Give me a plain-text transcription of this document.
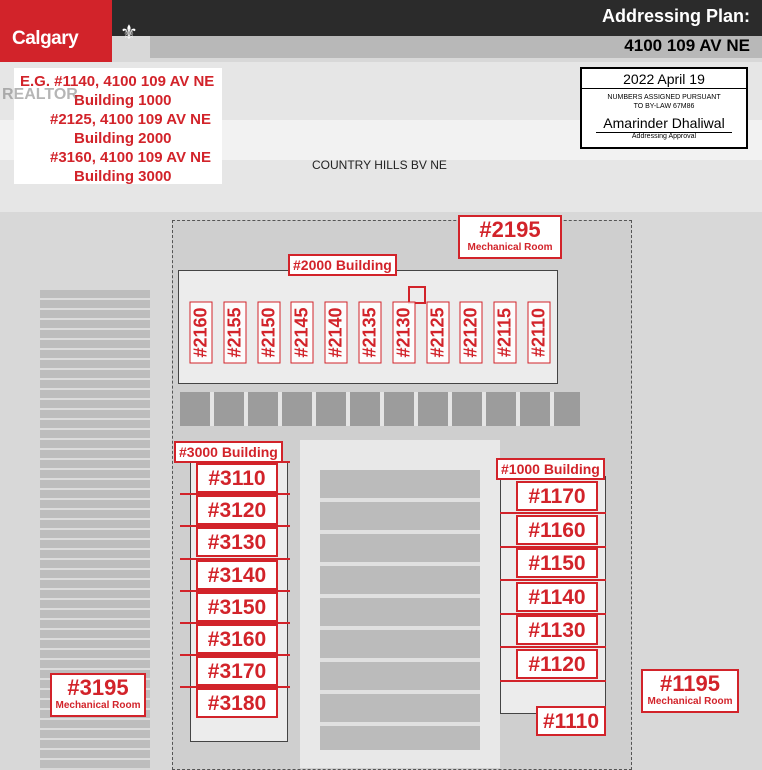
Calgary	⚜
Addressing Plan:
4100 109 AV NE
2022 April 19
NUMBERS ASSIGNED PURSUANT
TO BY-LAW 67M86
Amarinder Dhaliwal
Addressing Approval
E.G. #1140, 4100 109 AV NE
Building 1000
#2125, 4100 109 AV NE
Building 2000
#3160, 4100 109 AV NE
Building 3000
REALTOR
COUNTRY HILLS BV NE
#2000 Building
#3000 Building
#1000 Building
#2195
Mechanical Room
#3195
Mechanical Room
#1195
Mechanical Room
#2160 #2155 #2150 #2145 #2140 #2135 #2130 #2125 #2120 #2115 #2110
#3110
#3120
#3130
#3140
#3150
#3160
#3170
#3180
#1170
#1160
#1150
#1140
#1130
#1120
#1110
